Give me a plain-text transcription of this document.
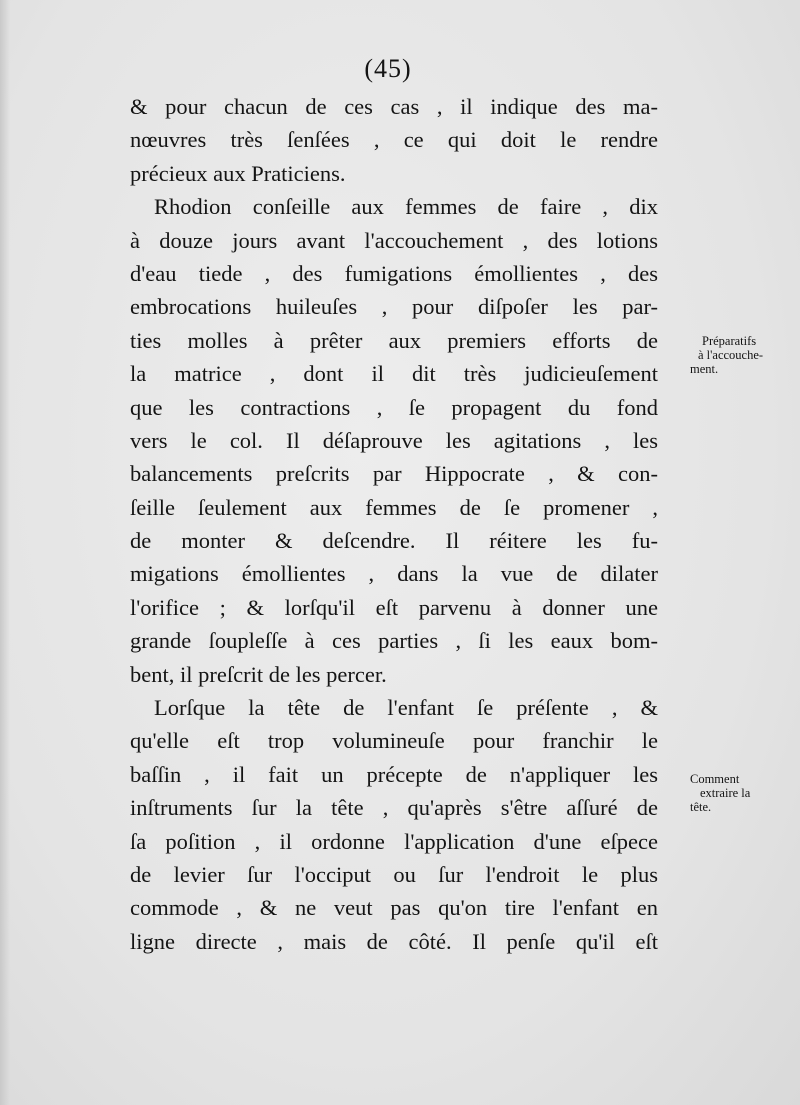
(45)
& pour chacun de ces cas , il indique des ma-
nœuvres très ſenſées , ce qui doit le rendre
précieux aux Praticiens.
Rhodion conſeille aux femmes de faire , dix
à douze jours avant l'accouchement , des lotions
d'eau tiede , des fumigations émollientes , des
embrocations huileuſes , pour diſpoſer les par-
ties molles à prêter aux premiers efforts de
la matrice , dont il dit très judicieuſement
que les contractions , ſe propagent du fond
vers le col. Il déſaprouve les agitations , les
balancements preſcrits par Hippocrate , & con-
ſeille ſeulement aux femmes de ſe promener ,
de monter & deſcendre. Il réitere les fu-
migations émollientes , dans la vue de dilater
l'orifice ; & lorſqu'il eſt parvenu à donner une
grande ſoupleſſe à ces parties , ſi les eaux bom-
bent, il preſcrit de les percer.
Lorſque la tête de l'enfant ſe préſente , &
qu'elle eſt trop volumineuſe pour franchir le
baſſin , il fait un précepte de n'appliquer les
inſtruments ſur la tête , qu'après s'être aſſuré de
ſa poſition , il ordonne l'application d'une eſpece
de levier ſur l'occiput ou ſur l'endroit le plus
commode , & ne veut pas qu'on tire l'enfant en
ligne directe , mais de côté. Il penſe qu'il eſt
Préparatifs
à l'accouche-
ment.
Comment
extraire la
tête.
